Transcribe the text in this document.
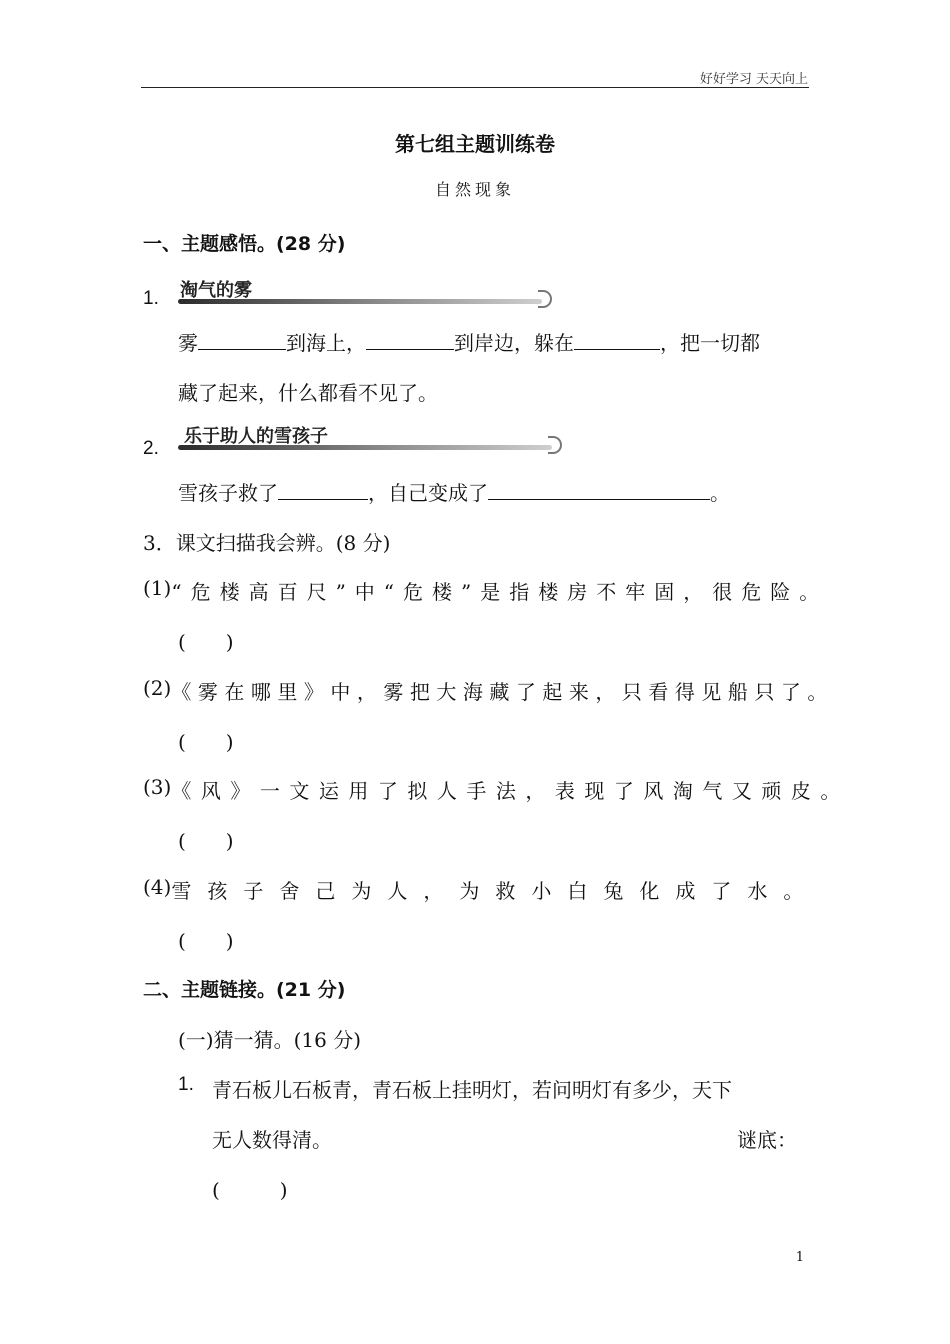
好好学习 天天向上
第七组主题训练卷
自然现象
一、主题感悟。(28 分)
1. 淘气的雾
雾	到海上，	到岸边，躲在	，把一切都
藏了起来，什么都看不见了。
2.
乐于助人的雪孩子
雪孩子救了	，自己变成了	。
3．课文扫描我会辨。(8 分)
(1) “危楼高百尺”中“危楼”是指楼房不牢固，很危险。
(　　)
(2) 《雾在哪里》中，雾把大海藏了起来，只看得见船只了。
(　　)
(3) 《风》一文运用了拟人手法，表现了风淘气又顽皮。
(　　)
(4) 雪孩子舍己为人，为救小白兔化成了水。
(　　)
二、主题链接。(21 分)
(一)猜一猜。(16 分)
1. 青石板儿石板青，青石板上挂明灯，若问明灯有多少，天下
无人数得清。	谜底：
(　　　)
1
